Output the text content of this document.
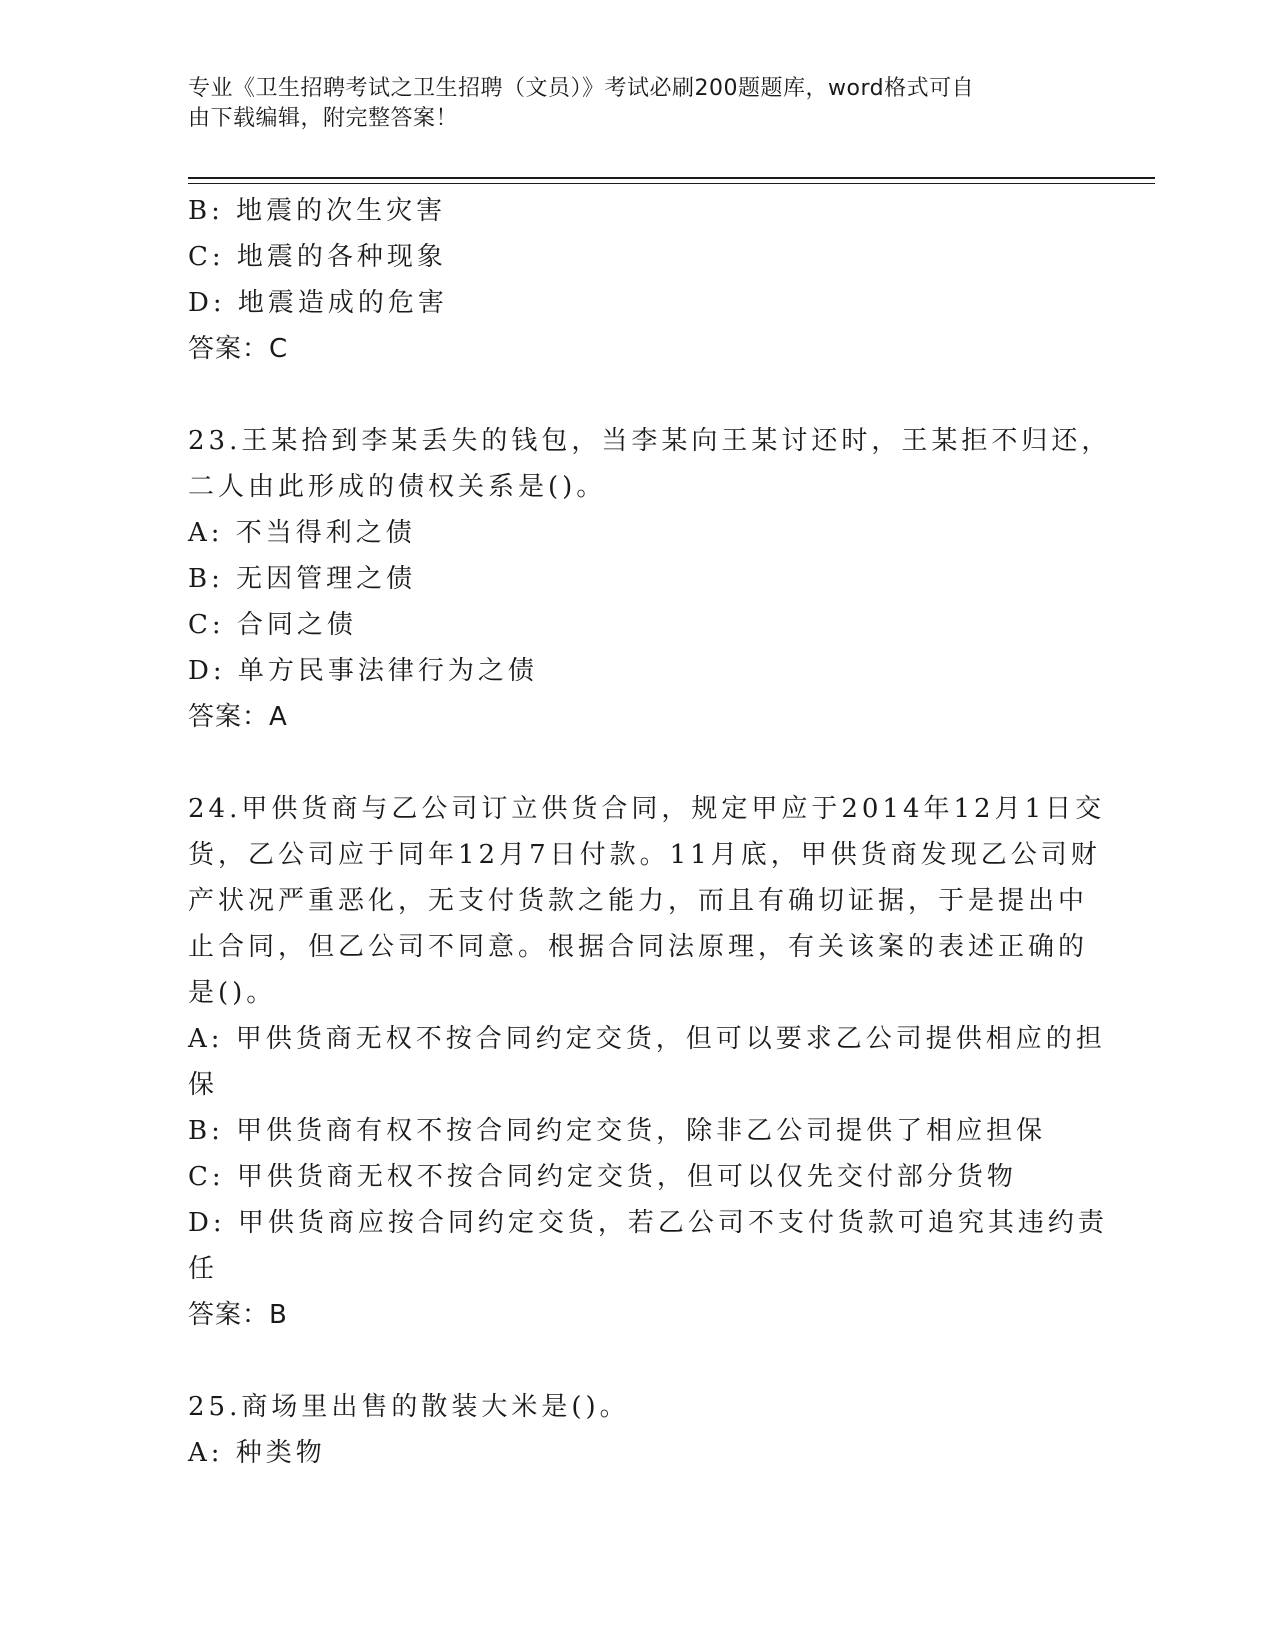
专业《卫生招聘考试之卫生招聘（文员）》考试必刷200题题库，word格式可自
由下载编辑，附完整答案！
B: 地震的次生灾害
C: 地震的各种现象
D: 地震造成的危害
答案：C
23.王某拾到李某丢失的钱包，当李某向王某讨还时，王某拒不归还，
二人由此形成的债权关系是()。
A: 不当得利之债
B: 无因管理之债
C: 合同之债
D: 单方民事法律行为之债
答案：A
24.甲供货商与乙公司订立供货合同，规定甲应于2014年12月1日交
货，乙公司应于同年12月7日付款。11月底，甲供货商发现乙公司财
产状况严重恶化，无支付货款之能力，而且有确切证据，于是提出中
止合同，但乙公司不同意。根据合同法原理，有关该案的表述正确的
是()。
A: 甲供货商无权不按合同约定交货，但可以要求乙公司提供相应的担
保
B: 甲供货商有权不按合同约定交货，除非乙公司提供了相应担保
C: 甲供货商无权不按合同约定交货，但可以仅先交付部分货物
D: 甲供货商应按合同约定交货，若乙公司不支付货款可追究其违约责
任
答案：B
25.商场里出售的散装大米是()。
A: 种类物
